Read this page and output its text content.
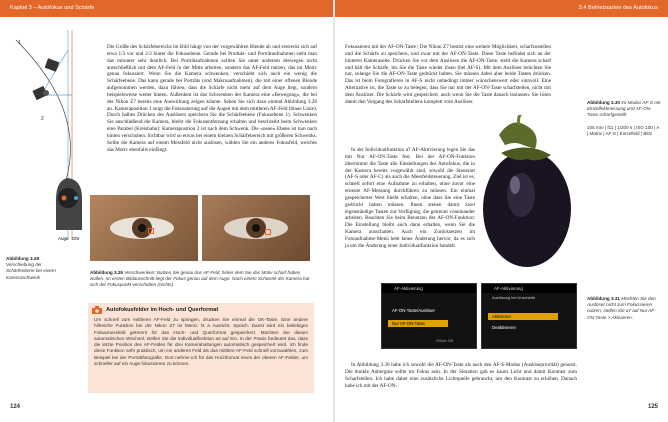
Kapitel 3 – Autofokus und Schärfe
1
2
Auge Ohr
Abbildung 3.28 Verschiebung der Schärfeebene bei einem Kameraschwenk

Die Größe des Schärfebereichs im Bild hängt von der vorgewählten Blende ab und erstreckt sich auf etwa 1/3 vor und 2/3 hinter die Fokusebene. Gerade bei Produkt- und Porträtaufnahmen sieht man das mitunter sehr deutlich. Bei Porträtaufnahmen sollten Sie unter anderem deswegen nicht ausschließlich mit dem AF-Feld in der Mitte arbeiten, sondern das AF-Feld nutzen, das im Motiv genau fokussiert. Wenn Sie die Kamera schwenken, verschiebt sich auch ein wenig die Schärfeebene. Das kann gerade bei Porträts (und Makroaufnahmen), die mit einer offenen Blende aufgenommen werden, dazu führen, dass die Schärfe nicht mehr auf dem Auge liegt, sondern beispielsweise weiter hinten. Außerdem ist das Schwenken der Kamera eine »Bewegung«, die bei der Nikon Z7 bereits eine Auswirkung zeigen könnte. Sehen Sie sich dazu einmal Abbildung 3.28 an. Kameraposition 1 zeigt die Fokussierung auf die Augen mit dem mittleren AF-Feld (blaue Linie). Durch halbes Drücken des Auslösers speichern Sie die Schärfeebene (Fokusebene 1). Schwenken Sie anschließend die Kamera, bleibt die Fokusentfernung erhalten und beschreibt beim Schwenken eine Parabel (Kreisbahn): Kameraposition 2 ist nach dem Schwenk. Die »neue« Ebene ist nun nach hinten verschoben. Sichtbar wird so etwas bei einem kleinen Schärfebereich mit größeren Schwenks. Sollte die Kamera auf einem Messfeld nicht auslösen, wählen Sie ein anderes Fokusfeld, welches das Motiv ebenfalls einfängt.

Abbildung 3.29 Verschwenken: Nutzen Sie genau das AF-Feld, hinter dem Sie das Motiv scharf haben wollen. Im ersten Bildausschnitt liegt der Fokus genau auf dem Auge. Nach einem Schwenk der Kamera hat sich der Fokuspunkt verschoben (rechts).
Autofokusfelder im Hoch- und Querformat
Um schnell zum mittleren AF-Feld zu springen, drücken Sie einmal die OK-Taste. Eine andere hilfreiche Funktion bei der Nikon Z7 ist Menü: f4 a Ausricht. Speich. Damit wird ein beliebiges Fokusmessfeld getrennt für das Hoch- und Querformat gespeichert. Möchten Sie diesen automatischen Wechsel, stellen Sie die Individualfunktion a4 auf Ein. In der Praxis bedeutet das, dass die letzte Position des AF-Feldes für drei Kamerahaltungen automatisch gespeichert wird. Ich finde diese Funktion sehr praktisch, um ein anderes Feld als das mittlere AF-Feld schnell vorzuwählen, zum Beispiel bei der Porträtfotografie. Dort nehme ich für das Hochformat eines der oberen AF-Felder, um schneller auf ein Auge fokussieren zu können.
124
3.4 Betriebsarten des Autofokus

Fokussieren mit der AF-ON-Taste | Die Nikon Z7 besitzt eine weitere Möglichkeit, scharfzustellen und die Schärfe zu speichern, und zwar mit der AF-ON-Taste. Diese Taste befindet sich an der hinteren Kameraseite. Drücken Sie vor dem Auslösen die AF-ON-Taste, stellt die Kamera scharf und hält die Schärfe, bis Sie die Taste wieder lösen (bei AF-S). Mit dem Auslöser belichten Sie nur, solange Sie die AF-ON-Taste gedrückt halten. Sie müssen dabei aber beide Tasten drücken. Das ist beim Fotografieren in AF-S nicht unbedingt immer wünschenswert oder sinnvoll. Eine Alternative ist, die Taste so zu belegen, dass Sie nur mit der AF-ON-Taste scharfstellen, nicht mit dem Auslöser. Die Schärfe wird gespeichert, auch wenn Sie die Taste danach loslassen. Sie lösen damit den Vorgang des Scharfstellens komplett vom Auslöser.

In der Individualfunktion a7 AF-Aktivierung legen Sie das mit Nur AF-ON-Taste fest. Bei der AF-ON-Funktion übernimmt die Taste alle Einstellungen des Autofokus, die in der Kamera bereits vorgewählt sind, sowohl die Steuerart (AF-S oder AF-C) als auch die Messfeldsteuerung. Ziel ist es, schnell sofort eine Aufnahme zu erhalten, ohne zuvor eine erneute AF-Messung durchführen zu müssen. Ein einmal gespeicherter Wert bleibt erhalten, ohne dass Sie eine Taste gedrückt halten müssen. Ihnen stehen damit zwei eigenständige Tasten zur Verfügung, die getrennt voneinander arbeiten. Beachten Sie beim Benutzen der AF-ON-Funktion: Die Einstellung bleibt auch dann erhalten, wenn Sie die Kamera ausschalten. Auch ein Zurücksetzen im Fotoaufnahme-Menü hebt keine Änderung hervor, da es sich ja um die Änderung einer Individualfunktion handelt.

Abbildung 3.30 Im Modus AF-S mit Einzelfeldmessung und AF-ON-Taste scharfgestellt
105 mm | f11 | 1/200 s | ISO 100 | A | Matrix | AF-S | Einzelfeld | Blitz
AF-Aktivierung
AF-ON-Taste/Auslöser
Nur AF-ON-Taste
OSdrv OK
AF-Aktivierung
Auslösung bei Unschärfe
Aktivieren
Deaktivieren
Abbildung 3.31 Möchten Sie den Auslöser nicht zum Fokussieren nutzen, stellen Sie a7 auf Nur AF-ON-Taste > Aktivieren.

In Abbildung 3.30 habe ich sowohl die AF-ON-Taste als auch den AF-S-Modus (Auslösepriorität) genutzt. Die dunkle Aubergine sollte im Fokus sein. In der Situation gab es kaum Licht und damit Kontrast zum Scharfstellen. Ich habe daher eine zusätzliche Lichtquelle gebraucht, um den Kontrast zu erhöhen. Danach habe ich mit der AF-ON-

125
